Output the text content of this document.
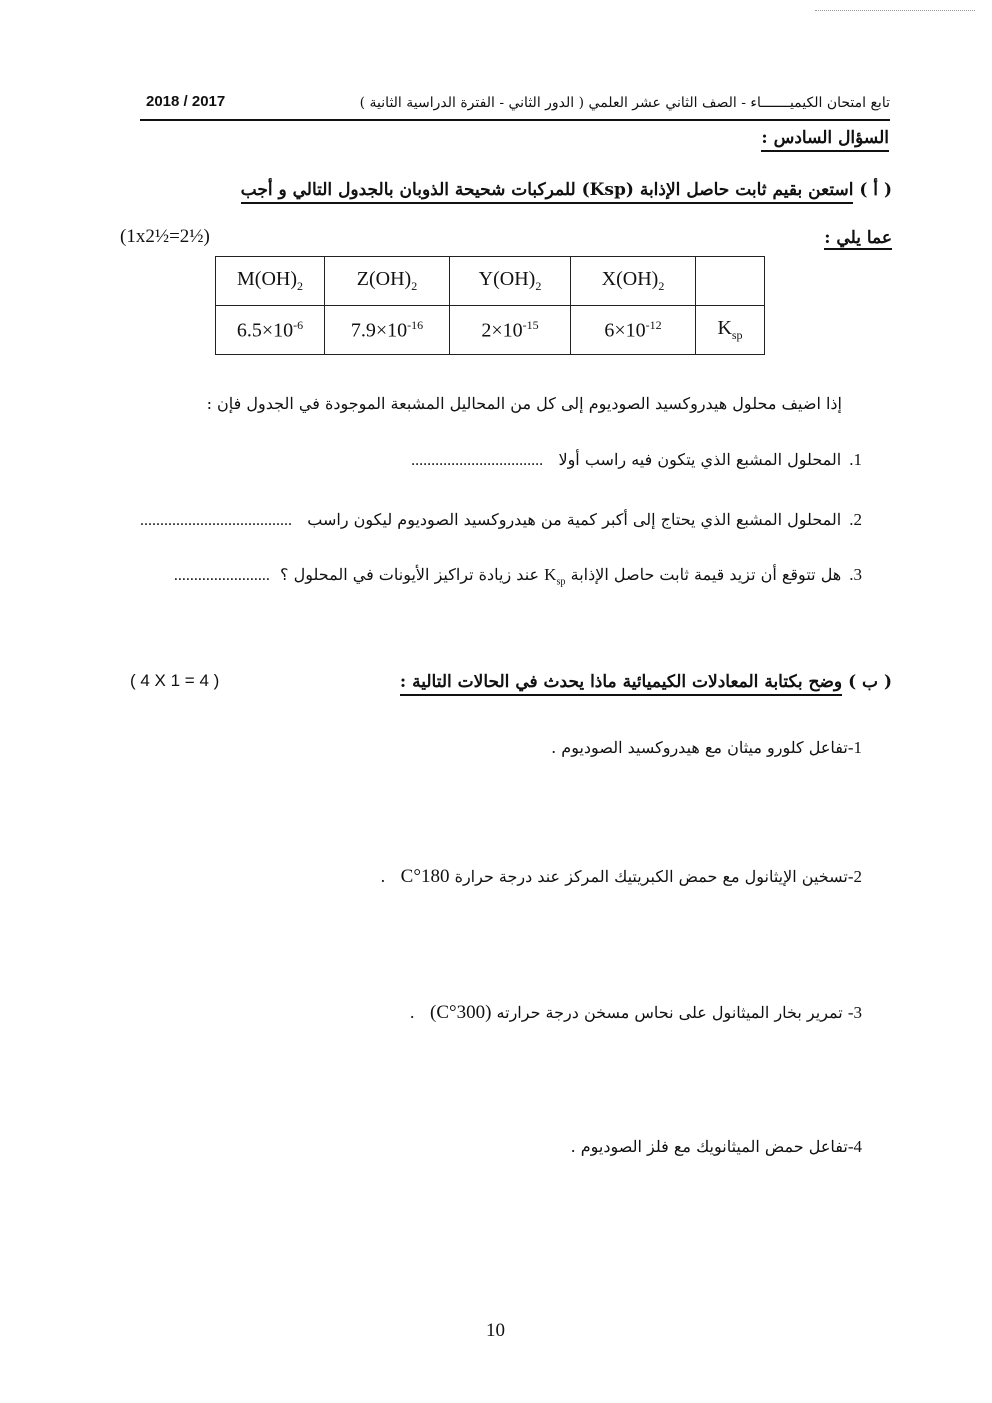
تابع امتحان الكيميـــــــاء - الصف الثاني عشر العلمي ( الدور الثاني - الفترة الدراسية الثانية )
2018 / 2017
السؤال السادس :
( أ ) استعن بقيم ثابت حاصل الإذابة (Ksp) للمركبات شحيحة الذوبان بالجدول التالي و أجب
عما يلي :
(1x2½=2½)
$M(OH)_2$	$Z(OH)_2$	$Y(OH)_2$	$X(OH)_2$	
$6.5\times 10^{-6}$	$7.9\times 10^{-16}$	$2\times 10^{-15}$	$6\times 10^{-12}$	$K_{sp}$
إذا اضيف محلول هيدروكسيد الصوديوم إلى كل من المحاليل المشبعة الموجودة في الجدول فإن :
1.المحلول المشبع الذي يتكون فيه راسب أولا   .................................
2.المحلول المشبع الذي يحتاج إلى أكبر كمية من هيدروكسيد الصوديوم ليكون راسب   ......................................
3.هل تتوقع أن تزيد قيمة ثابت حاصل الإذابة $K_{sp}$ عند زيادة تراكيز الأيونات في المحلول ؟  ........................
( ب ) وضح بكتابة المعادلات الكيميائية ماذا يحدث في الحالات التالية :
( 4 X 1 = 4 )
1-تفاعل كلورو ميثان مع هيدروكسيد الصوديوم .
2-تسخين الإيثانول مع حمض الكبريتيك المركز عند درجة حرارة 180°C   .
3- تمرير بخار الميثانول على نحاس مسخن درجة حرارته (300°C)   .
4-تفاعل حمض الميثانويك مع فلز الصوديوم .
10
